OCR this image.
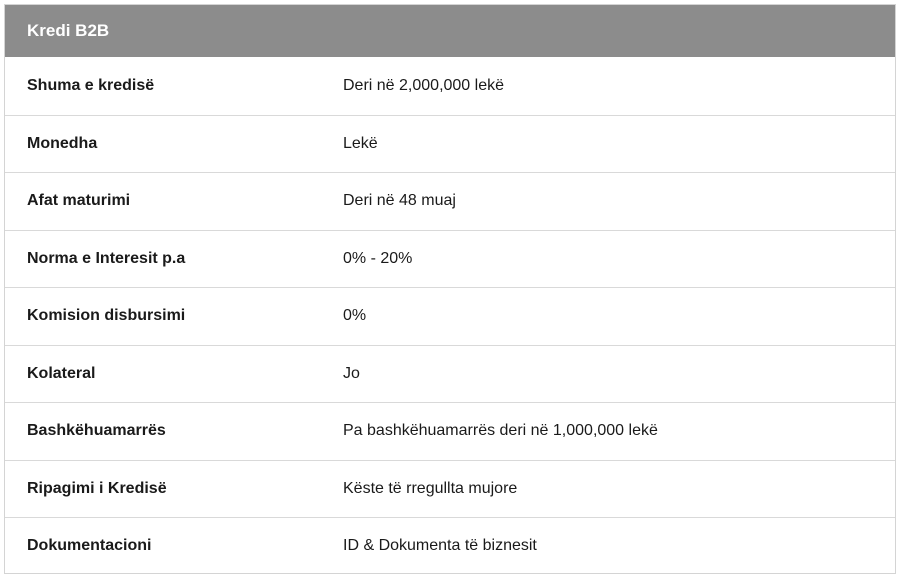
Kredi B2B
Shuma e kredisë	Deri në 2,000,000 lekë
Monedha	Lekë
Afat maturimi	Deri në 48 muaj
Norma e Interesit p.a	0% - 20%
Komision disbursimi	0%
Kolateral	Jo
Bashkëhuamarrës	Pa bashkëhuamarrës deri në 1,000,000 lekë
Ripagimi i Kredisë	Këste të rregullta mujore
Dokumentacioni	ID & Dokumenta të biznesit
